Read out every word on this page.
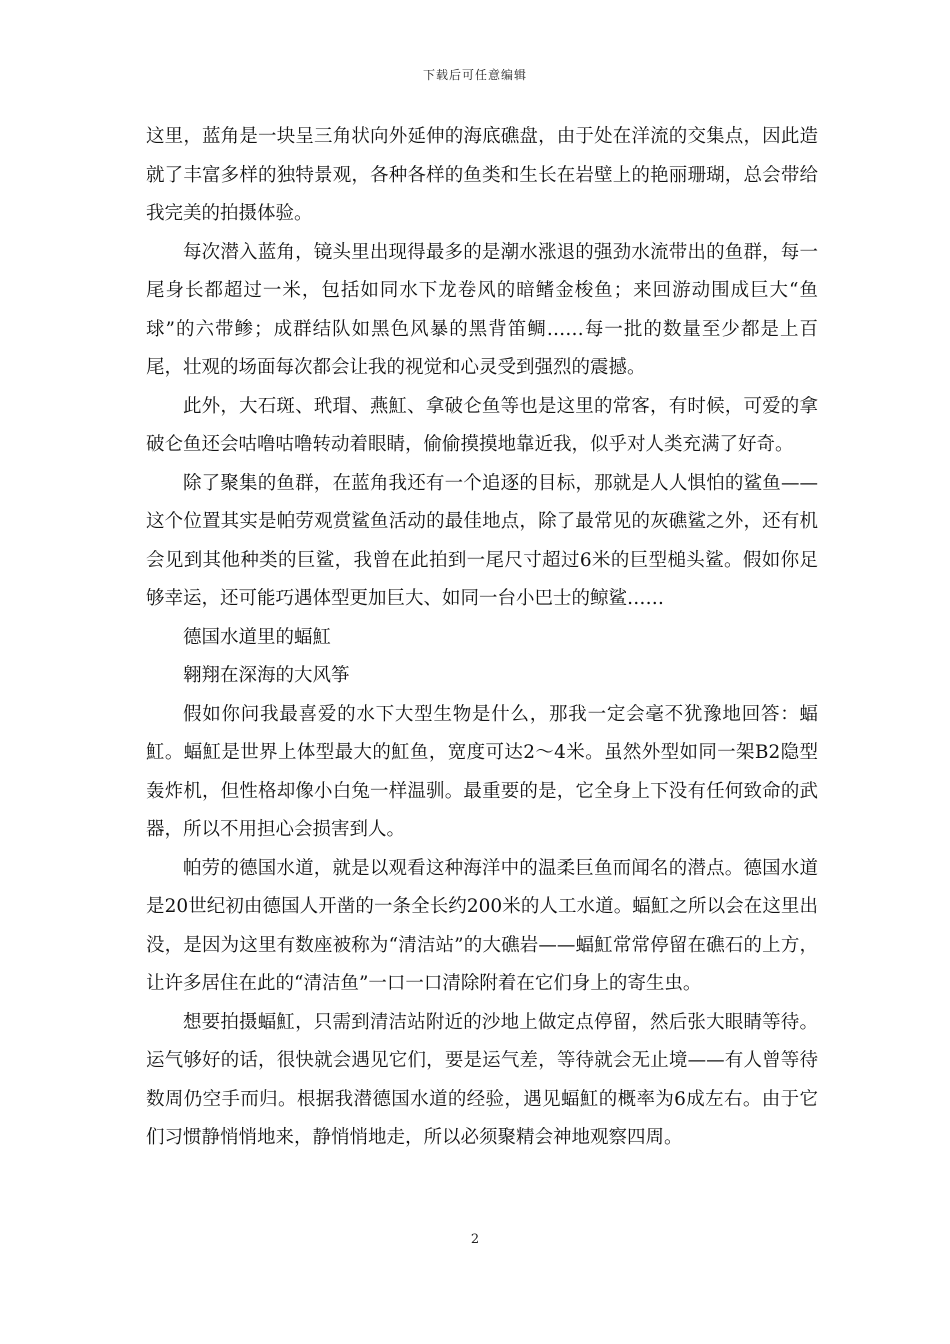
下载后可任意编辑

这里，蓝角是一块呈三角状向外延伸的海底礁盘，由于处在洋流的交集点，因此造就了丰富多样的独特景观，各种各样的鱼类和生长在岩壁上的艳丽珊瑚，总会带给我完美的拍摄体验。

每次潜入蓝角，镜头里出现得最多的是潮水涨退的强劲水流带出的鱼群，每一尾身长都超过一米，包括如同水下龙卷风的暗鳍金梭鱼；来回游动围成巨大“鱼球”的六带鲹；成群结队如黑色风暴的黑背笛鲷……每一批的数量至少都是上百尾，壮观的场面每次都会让我的视觉和心灵受到强烈的震撼。

此外，大石斑、玳瑁、燕魟、拿破仑鱼等也是这里的常客，有时候，可爱的拿破仑鱼还会咕噜咕噜转动着眼睛，偷偷摸摸地靠近我，似乎对人类充满了好奇。

除了聚集的鱼群，在蓝角我还有一个追逐的目标，那就是人人惧怕的鲨鱼——这个位置其实是帕劳观赏鲨鱼活动的最佳地点，除了最常见的灰礁鲨之外，还有机会见到其他种类的巨鲨，我曾在此拍到一尾尺寸超过6米的巨型槌头鲨。假如你足够幸运，还可能巧遇体型更加巨大、如同一台小巴士的鲸鲨……

德国水道里的蝠魟

翱翔在深海的大风筝

假如你问我最喜爱的水下大型生物是什么，那我一定会毫不犹豫地回答：蝠魟。蝠魟是世界上体型最大的魟鱼，宽度可达2～4米。虽然外型如同一架B2隐型轰炸机，但性格却像小白兔一样温驯。最重要的是，它全身上下没有任何致命的武器，所以不用担心会损害到人。

帕劳的德国水道，就是以观看这种海洋中的温柔巨鱼而闻名的潜点。德国水道是20世纪初由德国人开凿的一条全长约200米的人工水道。蝠魟之所以会在这里出没，是因为这里有数座被称为“清洁站”的大礁岩——蝠魟常常停留在礁石的上方，让许多居住在此的“清洁鱼”一口一口清除附着在它们身上的寄生虫。

想要拍摄蝠魟，只需到清洁站附近的沙地上做定点停留，然后张大眼睛等待。运气够好的话，很快就会遇见它们，要是运气差，等待就会无止境——有人曾等待数周仍空手而归。根据我潜德国水道的经验，遇见蝠魟的概率为6成左右。由于它们习惯静悄悄地来，静悄悄地走，所以必须聚精会神地观察四周。

2
